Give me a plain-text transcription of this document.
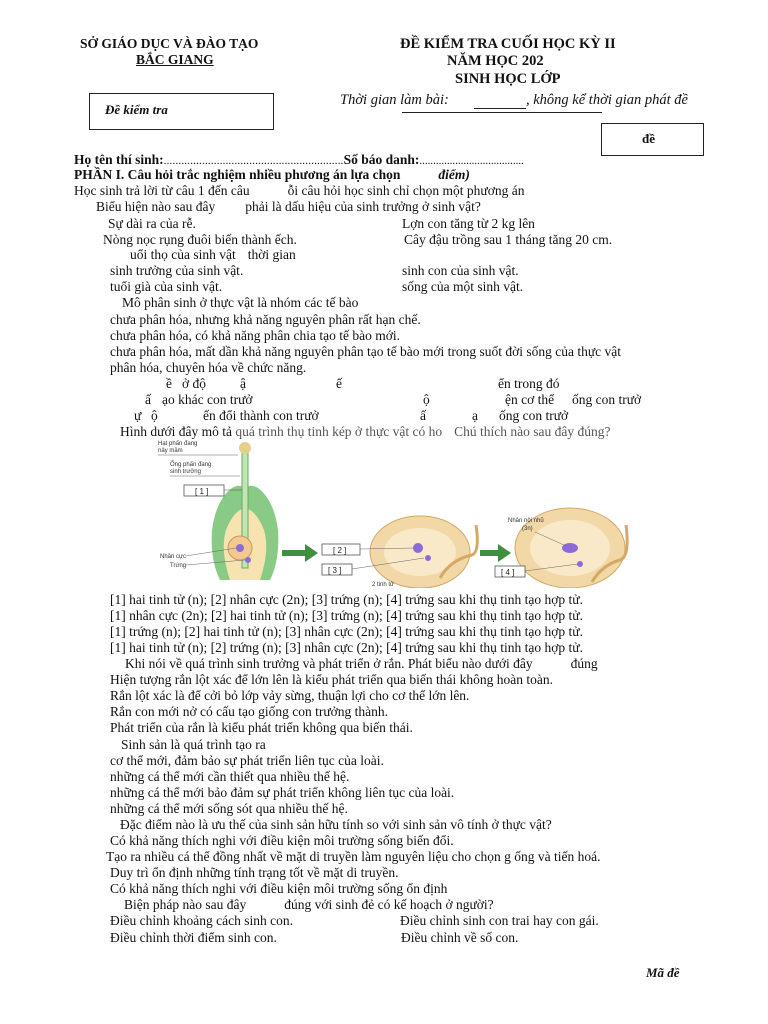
SỞ GIÁO DỤC VÀ ĐÀO TẠO
BẮC GIANG
ĐỀ KIỂM TRA CUỐI HỌC KỲ II
NĂM HỌC 202
SINH HỌC LỚP
Đề kiểm tra
Thời gian làm bài:	, không kể thời gian phát đề
đề
Họ tên thí sinh:.............................................................Số báo danh:......................................
PHẦN I. Câu hỏi trắc nghiệm nhiều phương án lựa chọn	điểm)
Học sinh trả lời từ câu 1 đến câu	ỗi câu hỏi học sinh chỉ chọn một phương án
Biểu hiện nào sau đây phải là dấu hiệu của sinh trưởng ở sinh vật?
Sự dài ra của rễ.	Lợn con tăng từ 2 kg lên
Nòng nọc rụng đuôi biến thành ếch.	Cây đậu trồng sau 1 tháng tăng 20 cm.
uổi thọ của sinh vật thời gian
sinh trưởng của sinh vật.	sinh con của sinh vật.
tuổi già của sinh vật.	sống của một sinh vật.
Mô phân sinh ở thực vật là nhóm các tế bào
chưa phân hóa, nhưng khả năng nguyên phân rất hạn chế.
chưa phân hóa, có khả năng phân chia tạo tế bào mới.
chưa phân hóa, mất dần khả năng nguyên phân tạo tế bào mới trong suốt đời sống của thực vật
phân hóa, chuyên hóa về chức năng.
ề ở độ	ậ	ế	ển trong đó
ấ ạo khác con trưở	ộ	ện cơ thể ống con trưở
ự ộ	ến đổi thành con trưở	ấ	ạ ống con trưở
Hình dưới đây mô tả quá trình thụ tinh kép ở thực vật có ho Chú thích nào sau đây đúng?
Hạt phấn đang
nảy mầm
Ống phấn đang
sinh trưởng
[ 1 ]
Nhân cực
Trứng
[ 2 ]
[ 3 ]
2 tinh tử
Nhân nội nhũ
(3n)
[ 4 ]
[1] hai tinh tử (n); [2] nhân cực (2n); [3] trứng (n); [4] trứng sau khi thụ tinh tạo hợp tử.
[1] nhân cực (2n); [2] hai tinh tử (n); [3] trứng (n); [4] trứng sau khi thụ tinh tạo hợp tử.
[1] trứng (n); [2] hai tinh tử (n); [3] nhân cực (2n); [4] trứng sau khi thụ tinh tạo hợp tử.
[1] hai tinh tử (n); [2] trứng (n); [3] nhân cực (2n); [4] trứng sau khi thụ tinh tạo hợp tử.
Khi nói về quá trình sinh trưởng và phát triển ở rắn. Phát biểu nào dưới đây	đúng
Hiện tượng rắn lột xác để lớn lên là kiểu phát triển qua biến thái không hoàn toàn.
Rắn lột xác là để cởi bỏ lớp vảy sừng, thuận lợi cho cơ thể lớn lên.
Rắn con mới nở có cấu tạo giống con trưởng thành.
Phát triển của rắn là kiểu phát triển không qua biến thái.
Sinh sản là quá trình tạo ra
cơ thể mới, đảm bảo sự phát triển liên tục của loài.
những cá thể mới cần thiết qua nhiều thế hệ.
những cá thể mới bảo đảm sự phát triển không liên tục của loài.
những cá thể mới sống sót qua nhiều thế hệ.
Đặc điểm nào là ưu thế của sinh sản hữu tính so với sinh sản vô tính ở thực vật?
Có khả năng thích nghi với điều kiện môi trường sống biến đổi.
Tạo ra nhiều cá thể đồng nhất về mặt di truyền làm nguyên liệu cho chọn g ống và tiến hoá.
Duy trì ổn định những tính trạng tốt về mặt di truyền.
Có khả năng thích nghi với điều kiện môi trường sống ổn định
Biện pháp nào sau đây	đúng với sinh đẻ có kế hoạch ở người?
Điều chỉnh khoảng cách sinh con.	Điều chỉnh sinh con trai hay con gái.
Điều chỉnh thời điểm sinh con.	Điều chỉnh về số con.
Mã đề
